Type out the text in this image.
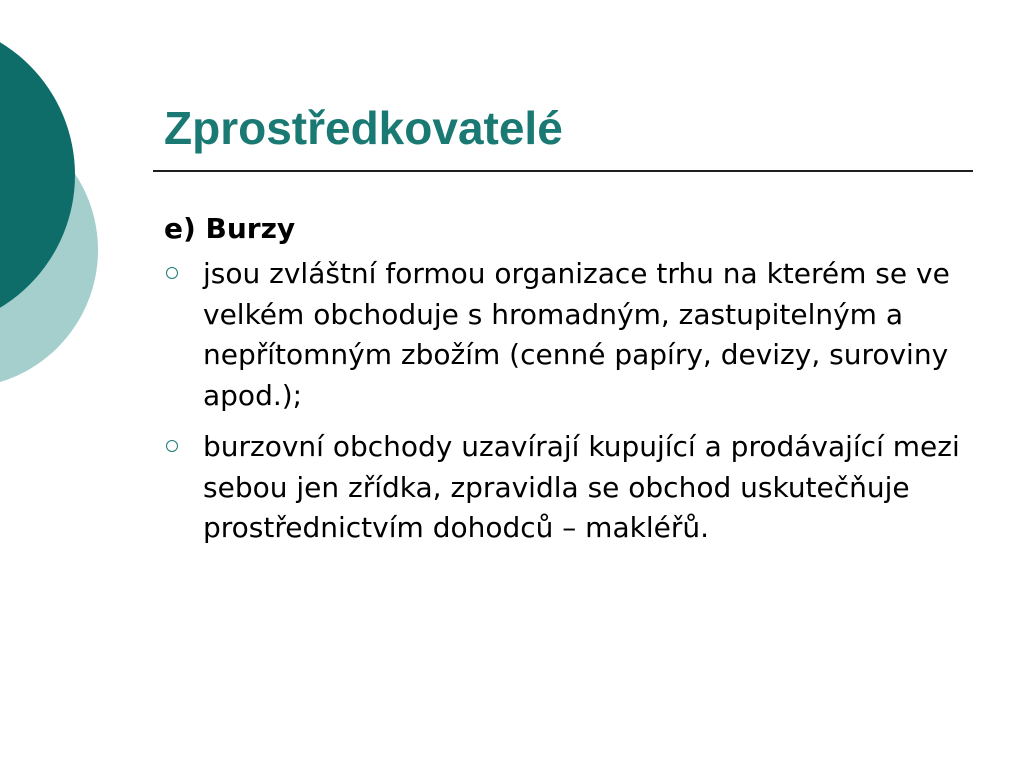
Zprostředkovatelé
e) Burzy
jsou zvláštní formou organizace trhu na kterém se ve velkém obchoduje s hromadným, zastupitelným a nepřítomným zbožím (cenné papíry, devizy, suroviny apod.);
burzovní obchody uzavírají kupující a prodávající mezi sebou jen zřídka, zpravidla se obchod uskutečňuje prostřednictvím dohodců – makléřů.
